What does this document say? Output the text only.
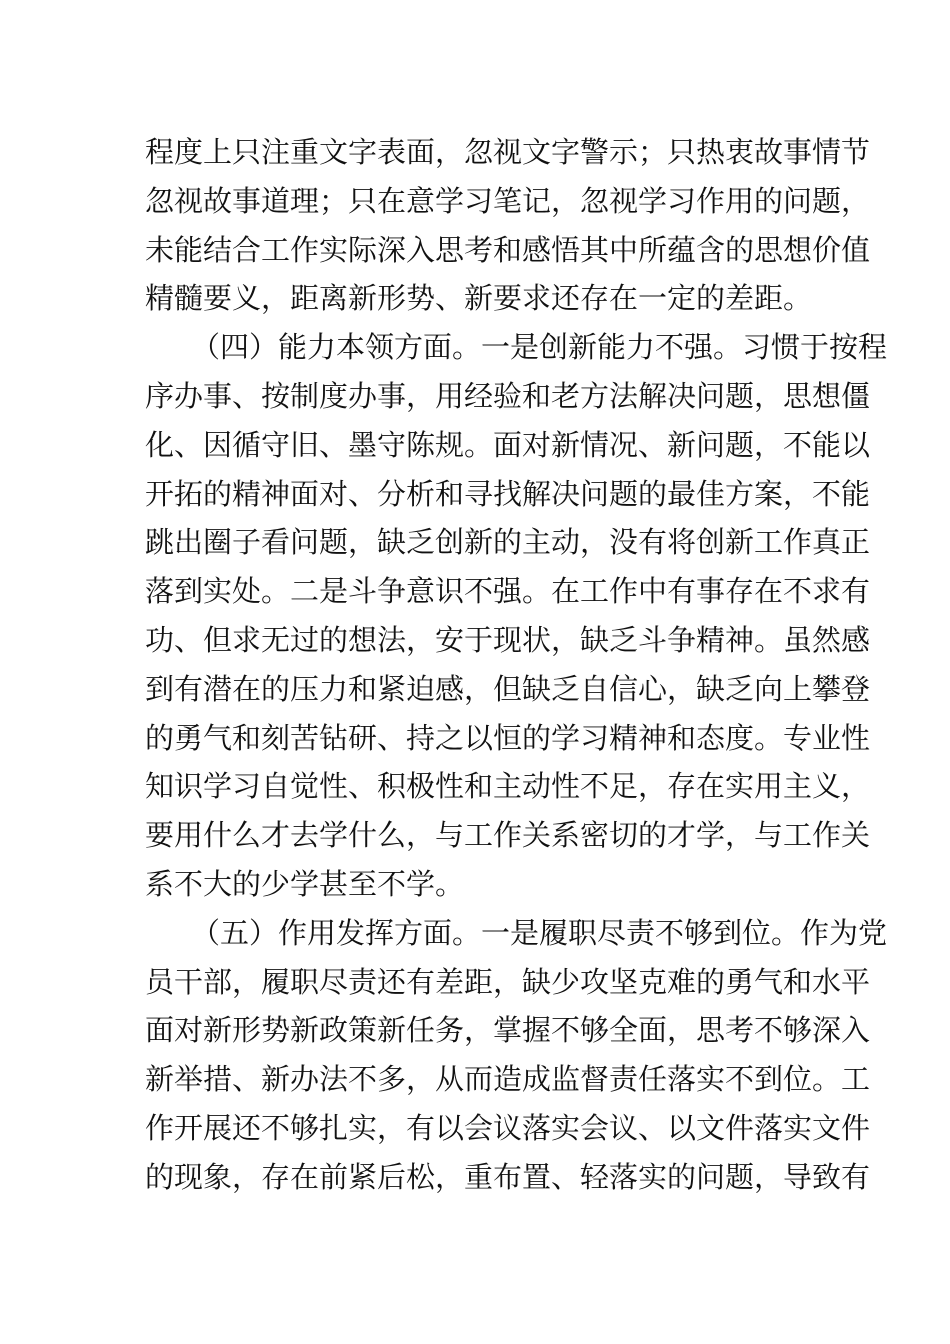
程度上只注重文字表面，忽视文字警示；只热衷故事情节
忽视故事道理；只在意学习笔记，忽视学习作用的问题，
未能结合工作实际深入思考和感悟其中所蕴含的思想价值
精髓要义，距离新形势、新要求还存在一定的差距。
（四）能力本领方面。一是创新能力不强。习惯于按程
序办事、按制度办事，用经验和老方法解决问题，思想僵
化、因循守旧、墨守陈规。面对新情况、新问题，不能以
开拓的精神面对、分析和寻找解决问题的最佳方案，不能
跳出圈子看问题，缺乏创新的主动，没有将创新工作真正
落到实处。二是斗争意识不强。在工作中有事存在不求有
功、但求无过的想法，安于现状，缺乏斗争精神。虽然感
到有潜在的压力和紧迫感，但缺乏自信心，缺乏向上攀登
的勇气和刻苦钻研、持之以恒的学习精神和态度。专业性
知识学习自觉性、积极性和主动性不足，存在实用主义，
要用什么才去学什么，与工作关系密切的才学，与工作关
系不大的少学甚至不学。
（五）作用发挥方面。一是履职尽责不够到位。作为党
员干部，履职尽责还有差距，缺少攻坚克难的勇气和水平
面对新形势新政策新任务，掌握不够全面，思考不够深入
新举措、新办法不多，从而造成监督责任落实不到位。工
作开展还不够扎实，有以会议落实会议、以文件落实文件
的现象，存在前紧后松，重布置、轻落实的问题，导致有
